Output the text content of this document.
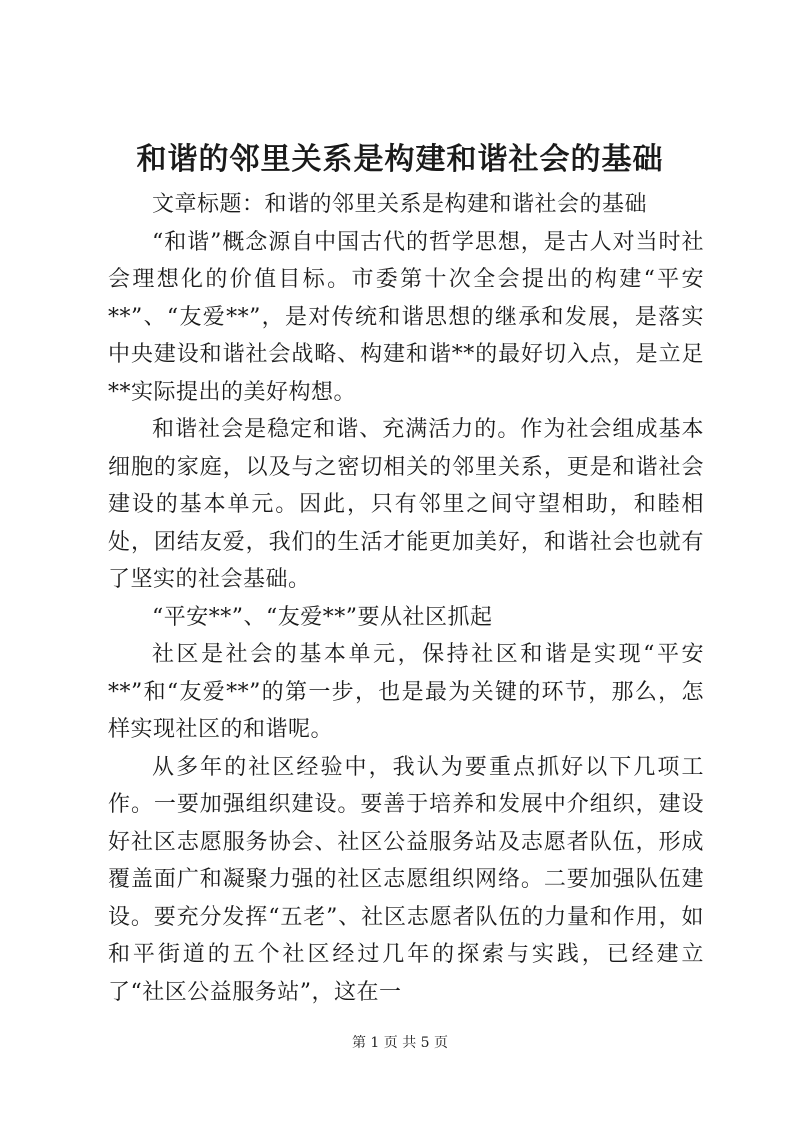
和谐的邻里关系是构建和谐社会的基础

文章标题：和谐的邻里关系是构建和谐社会的基础

“和谐”概念源自中国古代的哲学思想，是古人对当时社会理想化的价值目标。市委第十次全会提出的构建“平安**”、“友爱**”，是对传统和谐思想的继承和发展，是落实中央建设和谐社会战略、构建和谐**的最好切入点，是立足**实际提出的美好构想。

和谐社会是稳定和谐、充满活力的。作为社会组成基本细胞的家庭，以及与之密切相关的邻里关系，更是和谐社会建设的基本单元。因此，只有邻里之间守望相助，和睦相处，团结友爱，我们的生活才能更加美好，和谐社会也就有了坚实的社会基础。

“平安**”、“友爱**”要从社区抓起

社区是社会的基本单元，保持社区和谐是实现“平安**”和“友爱**”的第一步，也是最为关键的环节，那么，怎样实现社区的和谐呢。

从多年的社区经验中，我认为要重点抓好以下几项工作。一要加强组织建设。要善于培养和发展中介组织，建设好社区志愿服务协会、社区公益服务站及志愿者队伍，形成覆盖面广和凝聚力强的社区志愿组织网络。二要加强队伍建设。要充分发挥“五老”、社区志愿者队伍的力量和作用，如和平街道的五个社区经过几年的探索与实践，已经建立了“社区公益服务站”，这在一

第 1 页 共 5 页
